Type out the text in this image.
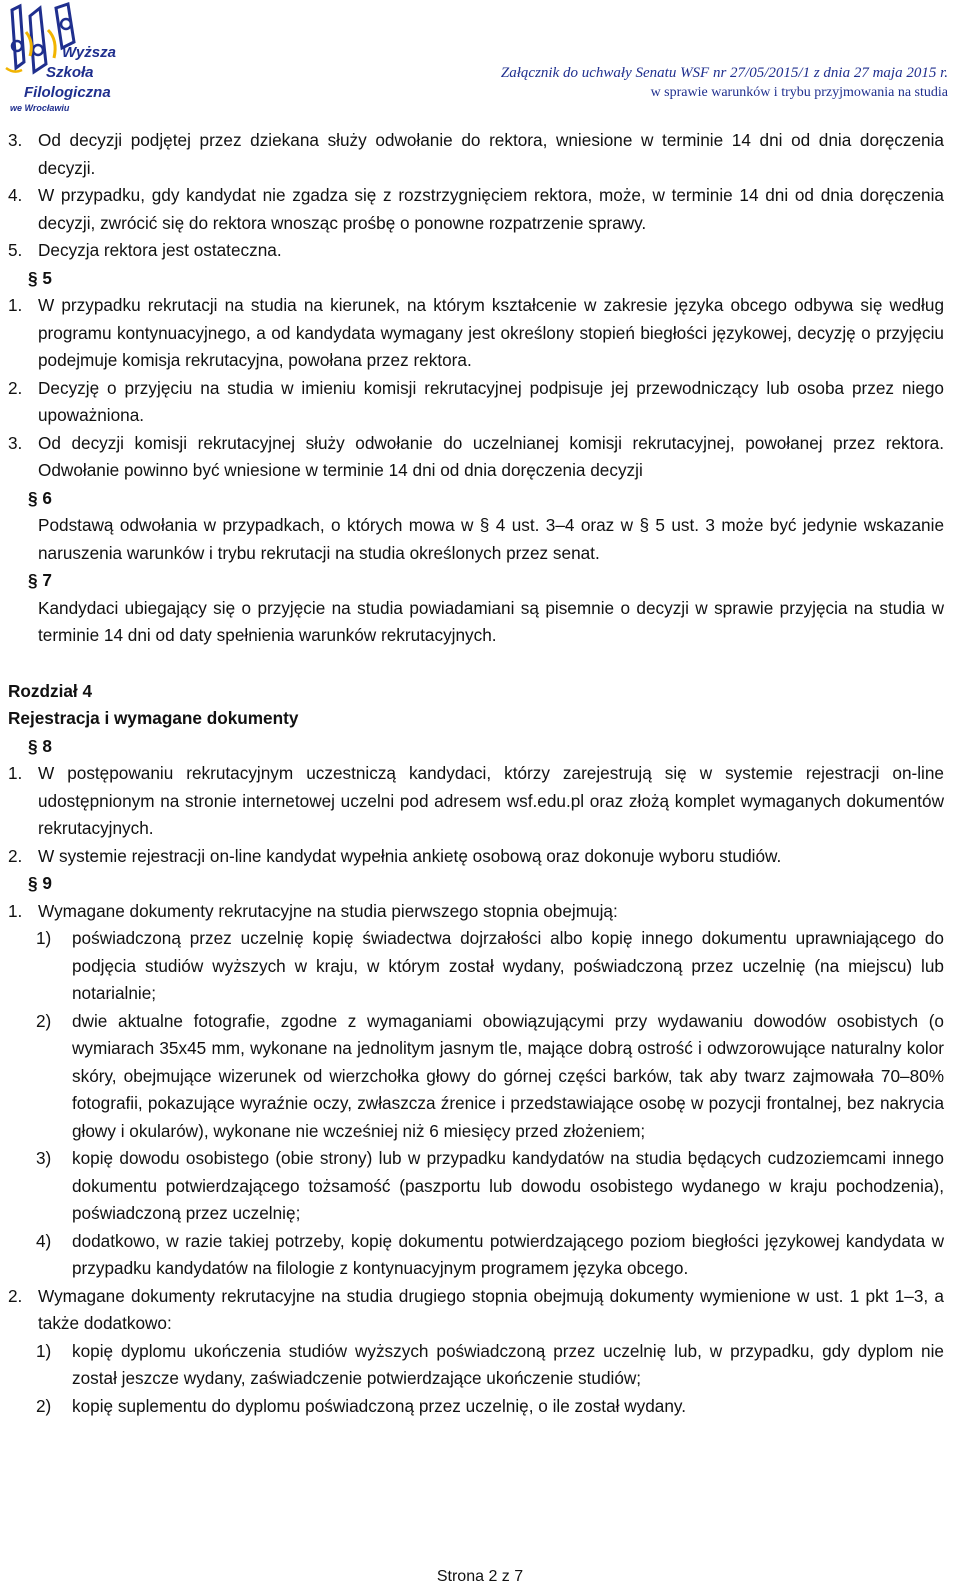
Wyższa
Szkoła
Filologiczna
we Wrocławiu
Załącznik do uchwały Senatu WSF nr 27/05/2015/1 z dnia 27 maja 2015 r.
w sprawie warunków i trybu przyjmowania na studia

3. Od decyzji podjętej przez dziekana służy odwołanie do rektora, wniesione w terminie 14 dni od dnia doręczenia decyzji.

4. W przypadku, gdy kandydat nie zgadza się z rozstrzygnięciem rektora, może, w terminie 14 dni od dnia doręczenia decyzji, zwrócić się do rektora wnosząc prośbę o ponowne rozpatrzenie sprawy.

5. Decyzja rektora jest ostateczna.

§ 5

1. W przypadku rekrutacji na studia na kierunek, na którym kształcenie w zakresie języka obcego odbywa się według programu kontynuacyjnego, a od kandydata wymagany jest określony stopień biegłości językowej, decyzję o przyjęciu podejmuje komisja rekrutacyjna, powołana przez rektora.

2. Decyzję o przyjęciu na studia w imieniu komisji rekrutacyjnej podpisuje jej przewodniczący lub osoba przez niego upoważniona.

3. Od decyzji komisji rekrutacyjnej służy odwołanie do uczelnianej komisji rekrutacyjnej, powołanej przez rektora. Odwołanie powinno być wniesione w terminie 14 dni od dnia doręczenia decyzji

§ 6

Podstawą odwołania w przypadkach, o których mowa w § 4 ust. 3–4 oraz w § 5 ust. 3 może być jedynie wskazanie naruszenia warunków i trybu rekrutacji na studia określonych przez senat.

§ 7

Kandydaci ubiegający się o przyjęcie na studia powiadamiani są pisemnie o decyzji w sprawie przyjęcia na studia w terminie 14 dni od daty spełnienia warunków rekrutacyjnych.

Rozdział 4

Rejestracja i wymagane dokumenty

§ 8

1. W postępowaniu rekrutacyjnym uczestniczą kandydaci, którzy zarejestrują się w systemie rejestracji on-line udostępnionym na stronie internetowej uczelni pod adresem wsf.edu.pl oraz złożą komplet wymaganych dokumentów rekrutacyjnych.

2. W systemie rejestracji on-line kandydat wypełnia ankietę osobową oraz dokonuje wyboru studiów.

§ 9

1. Wymagane dokumenty rekrutacyjne na studia pierwszego stopnia obejmują:

1) poświadczoną przez uczelnię kopię świadectwa dojrzałości albo kopię innego dokumentu uprawniającego do podjęcia studiów wyższych w kraju, w którym został wydany, poświadczoną przez uczelnię (na miejscu) lub notarialnie;

2) dwie aktualne fotografie, zgodne z wymaganiami obowiązującymi przy wydawaniu dowodów osobistych (o wymiarach 35x45 mm, wykonane na jednolitym jasnym tle, mające dobrą ostrość i odwzorowujące naturalny kolor skóry, obejmujące wizerunek od wierzchołka głowy do górnej części barków, tak aby twarz zajmowała 70–80% fotografii, pokazujące wyraźnie oczy, zwłaszcza źrenice i przedstawiające osobę w pozycji frontalnej, bez nakrycia głowy i okularów), wykonane nie wcześniej niż 6 miesięcy przed złożeniem;

3) kopię dowodu osobistego (obie strony) lub w przypadku kandydatów na studia będących cudzoziemcami innego dokumentu potwierdzającego tożsamość (paszportu lub dowodu osobistego wydanego w kraju pochodzenia), poświadczoną przez uczelnię;

4) dodatkowo, w razie takiej potrzeby, kopię dokumentu potwierdzającego poziom biegłości językowej kandydata w przypadku kandydatów na filologie z kontynuacyjnym programem języka obcego.

2. Wymagane dokumenty rekrutacyjne na studia drugiego stopnia obejmują dokumenty wymienione w ust. 1 pkt 1–3, a także dodatkowo:

1) kopię dyplomu ukończenia studiów wyższych poświadczoną przez uczelnię lub, w przypadku, gdy dyplom nie został jeszcze wydany, zaświadczenie potwierdzające ukończenie studiów;

2) kopię suplementu do dyplomu poświadczoną przez uczelnię, o ile został wydany.

Strona 2 z 7
